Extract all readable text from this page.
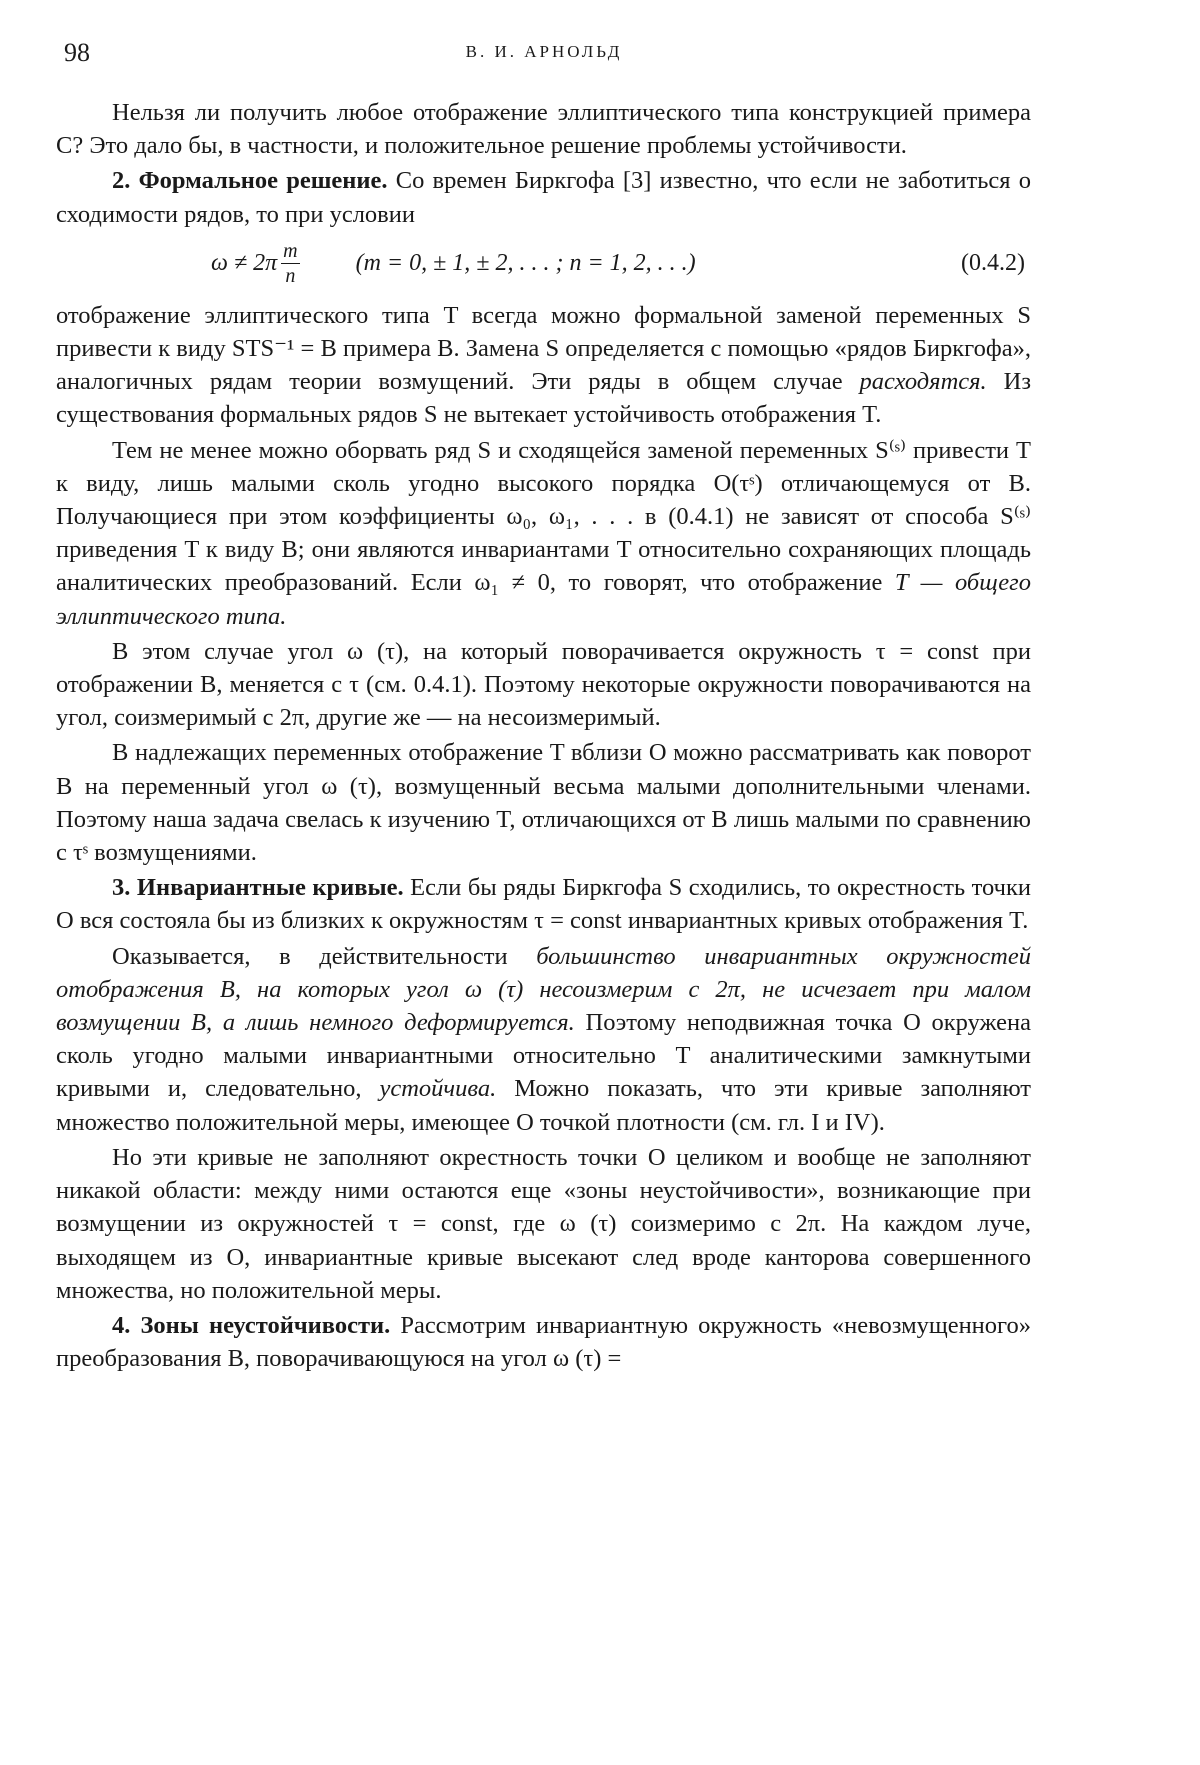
98	В. И. АРНОЛЬД

Нельзя ли получить любое отображение эллиптического типа конструкцией примера С? Это дало бы, в частности, и положительное решение проблемы устойчивости.

2. Формальное решение. Со времен Биркгофа [3] известно, что если не заботиться о сходимости рядов, то при условии

$\omega \ne 2\pi \frac{m}{n} (m = 0$, ± 1, ± 2, . . . ; n = 1, 2, . . .)	(0.4.2)

отображение эллиптического типа T всегда можно формальной заменой переменных S привести к виду STS⁻¹ = B примера B. Замена S определяется с помощью «рядов Биркгофа», аналогичных рядам теории возмущений. Эти ряды в общем случае расходятся. Из существования формальных рядов S не вытекает устойчивость отображения T.

Тем не менее можно оборвать ряд S и сходящейся заменой переменных S⁽ˢ⁾ привести T к виду, лишь малыми сколь угодно высокого порядка O(τˢ) отличающемуся от B. Получающиеся при этом коэффициенты ω₀, ω₁, . . . в (0.4.1) не зависят от способа S⁽ˢ⁾ приведения T к виду B; они являются инвариантами T относительно сохраняющих площадь аналитических преобразований. Если ω₁ ≠ 0, то говорят, что отображение T — общего эллиптического типа.

В этом случае угол ω (τ), на который поворачивается окружность τ = const при отображении B, меняется с τ (см. 0.4.1). Поэтому некоторые окружности поворачиваются на угол, соизмеримый с 2π, другие же — на несоизмеримый.

В надлежащих переменных отображение T вблизи O можно рассматривать как поворот B на переменный угол ω (τ), возмущенный весьма малыми дополнительными членами. Поэтому наша задача свелась к изучению T, отличающихся от B лишь малыми по сравнению с τˢ возмущениями.

3. Инвариантные кривые. Если бы ряды Биркгофа S сходились, то окрестность точки O вся состояла бы из близких к окружностям τ = const инвариантных кривых отображения T.

Оказывается, в действительности большинство инвариантных окружностей отображения B, на которых угол ω (τ) несоизмерим с 2π, не исчезает при малом возмущении B, а лишь немного деформируется. Поэтому неподвижная точка O окружена сколь угодно малыми инвариантными относительно T аналитическими замкнутыми кривыми и, следовательно, устойчива. Можно показать, что эти кривые заполняют множество положительной меры, имеющее O точкой плотности (см. гл. I и IV).

Но эти кривые не заполняют окрестность точки O целиком и вообще не заполняют никакой области: между ними остаются еще «зоны неустойчивости», возникающие при возмущении из окружностей τ = const, где ω (τ) соизмеримо с 2π. На каждом луче, выходящем из O, инвариантные кривые высекают след вроде канторова совершенного множества, но положительной меры.

4. Зоны неустойчивости. Рассмотрим инвариантную окружность «невозмущенного» преобразования B, поворачивающуюся на угол ω (τ) =
